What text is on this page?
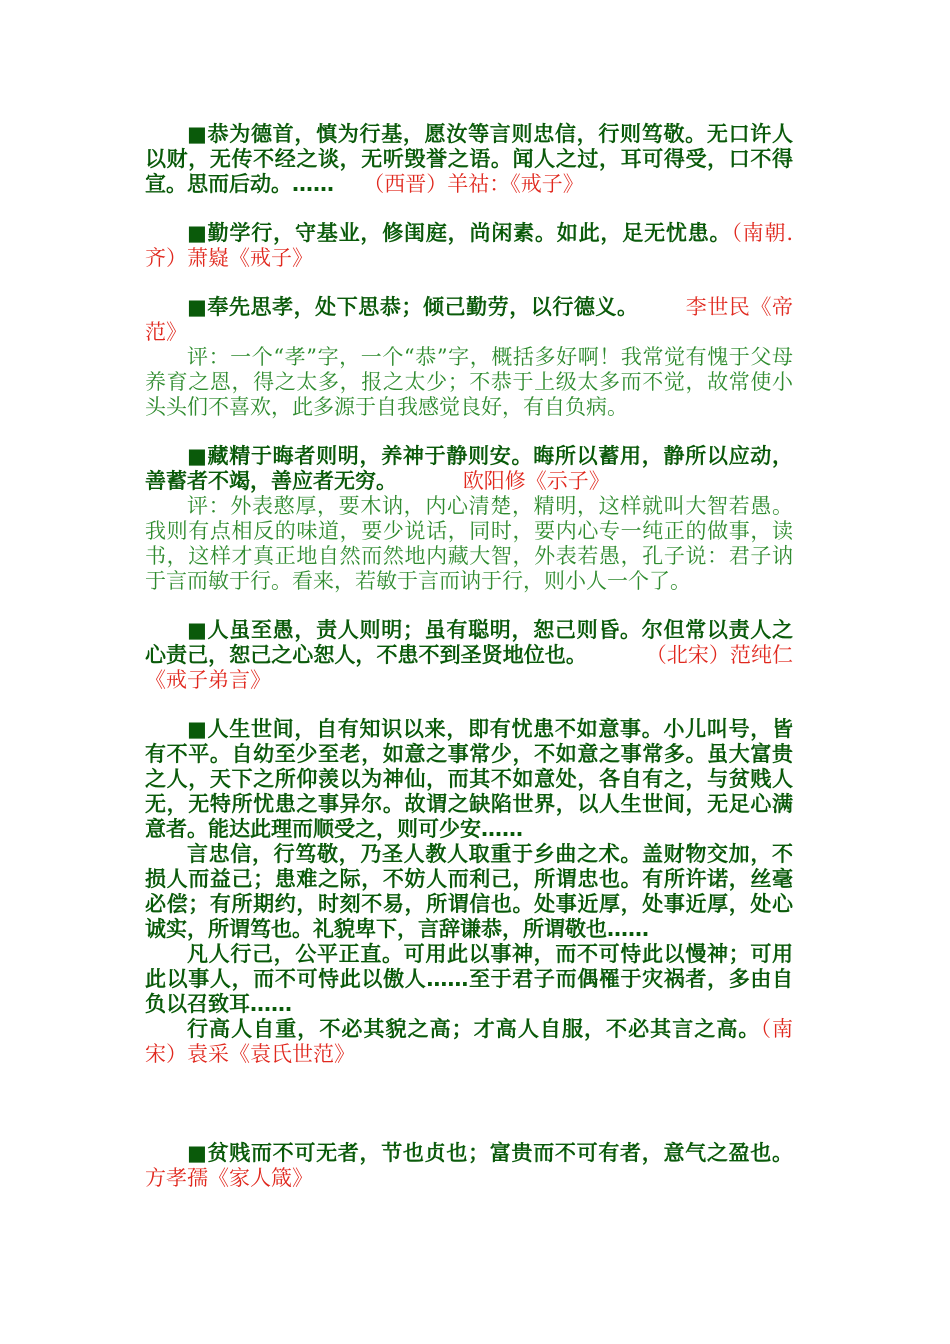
■恭为德首，慎为行基，愿汝等言则忠信，行则笃敬。无口许人以财，无传不经之谈，无听毁誉之语。闻人之过，耳可得受，口不得宣。思而后动。…… （西晋）羊祜：《戒子》

■勤学行，守基业，修闺庭，尚闲素。如此，足无忧患。（南朝.齐）萧嶷《戒子》

■奉先思孝，处下思恭；倾己勤劳，以行德义。 李世民《帝范》

评：一个“孝”字，一个“恭”字，概括多好啊！我常觉有愧于父母养育之恩，得之太多，报之太少；不恭于上级太多而不觉，故常使小头头们不喜欢，此多源于自我感觉良好，有自负病。

■藏精于晦者则明，养神于静则安。晦所以蓄用，静所以应动，善蓄者不竭，善应者无穷。	欧阳修《示子》

评：外表憨厚，要木讷，内心清楚，精明，这样就叫大智若愚。我则有点相反的味道，要少说话，同时，要内心专一纯正的做事，读书，这样才真正地自然而然地内藏大智，外表若愚，孔子说：君子讷于言而敏于行。看来，若敏于言而讷于行，则小人一个了。

■人虽至愚，责人则明；虽有聪明，恕己则昏。尔但常以责人之心责己，恕己之心恕人，不患不到圣贤地位也。	（北宋）范纯仁《戒子弟言》

■人生世间，自有知识以来，即有忧患不如意事。小儿叫号，皆有不平。自幼至少至老，如意之事常少，不如意之事常多。虽大富贵之人，天下之所仰羡以为神仙，而其不如意处，各自有之，与贫贱人无，无特所忧患之事异尔。故谓之缺陷世界，以人生世间，无足心满意者。能达此理而顺受之，则可少安……

言忠信，行笃敬，乃圣人教人取重于乡曲之术。盖财物交加，不损人而益己；患难之际，不妨人而利己，所谓忠也。有所许诺，丝毫必偿；有所期约，时刻不易，所谓信也。处事近厚，处事近厚，处心诚实，所谓笃也。礼貌卑下，言辞谦恭，所谓敬也……

凡人行己，公平正直。可用此以事神，而不可恃此以慢神；可用此以事人，而不可恃此以傲人……至于君子而偶罹于灾祸者，多由自负以召致耳……

行高人自重，不必其貌之高；才高人自服，不必其言之高。（南宋）袁采《袁氏世范》

■贫贱而不可无者，节也贞也；富贵而不可有者，意气之盈也。 方孝孺《家人箴》
